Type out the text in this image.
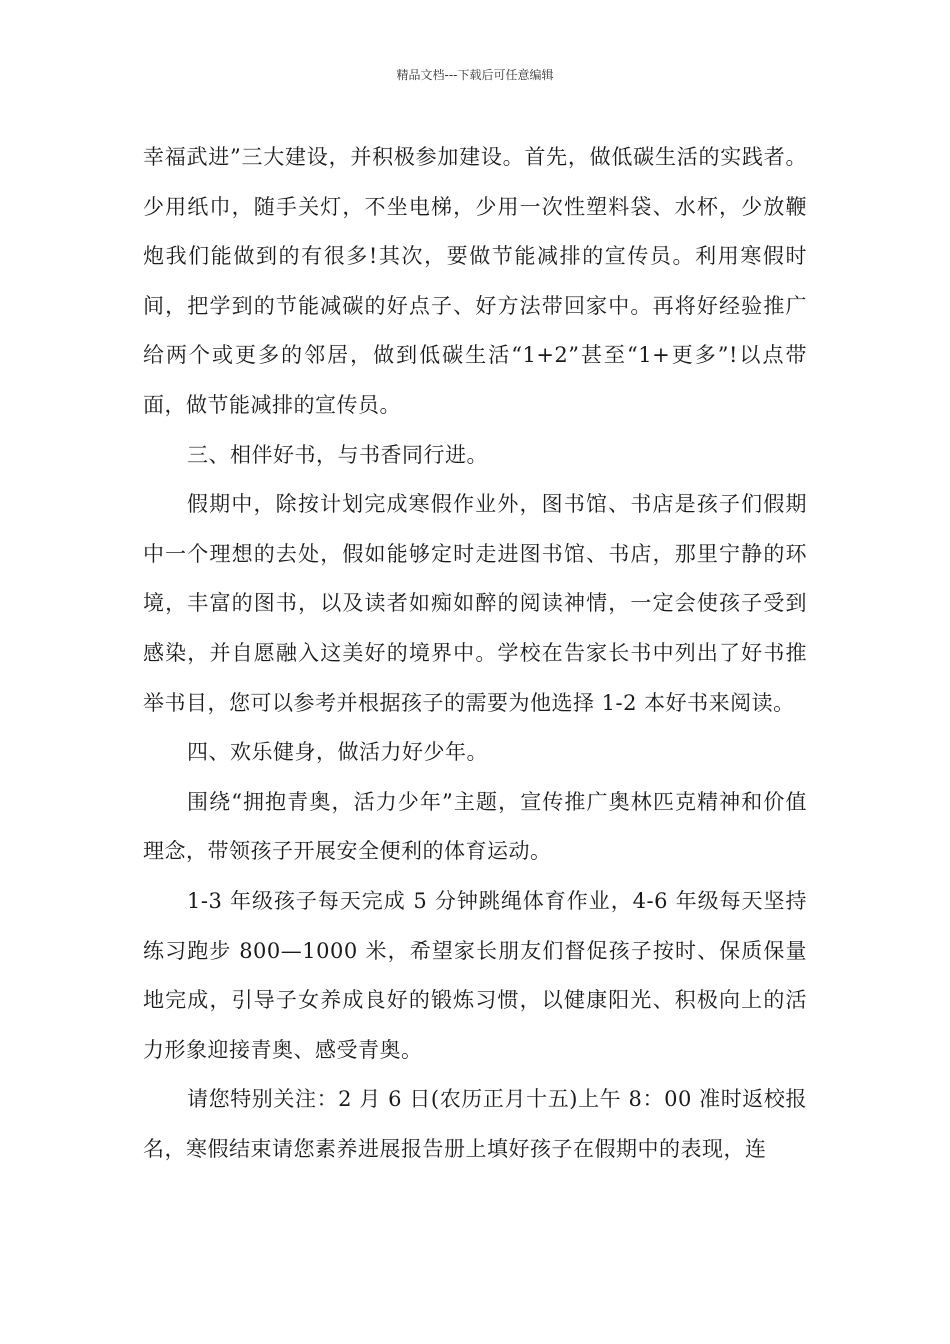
精品文档---下载后可任意编辑

幸福武进”三大建设，并积极参加建设。首先，做低碳生活的实践者。少用纸巾，随手关灯，不坐电梯，少用一次性塑料袋、水杯，少放鞭炮我们能做到的有很多!其次，要做节能减排的宣传员。利用寒假时间，把学到的节能减碳的好点子、好方法带回家中。再将好经验推广给两个或更多的邻居，做到低碳生活“1+2”甚至“1+更多”!以点带面，做节能减排的宣传员。

三、相伴好书，与书香同行进。

假期中，除按计划完成寒假作业外，图书馆、书店是孩子们假期中一个理想的去处，假如能够定时走进图书馆、书店，那里宁静的环境，丰富的图书，以及读者如痴如醉的阅读神情，一定会使孩子受到感染，并自愿融入这美好的境界中。学校在告家长书中列出了好书推举书目，您可以参考并根据孩子的需要为他选择 1-2 本好书来阅读。

四、欢乐健身，做活力好少年。

围绕“拥抱青奥，活力少年”主题，宣传推广奥林匹克精神和价值理念，带领孩子开展安全便利的体育运动。

1-3 年级孩子每天完成 5 分钟跳绳体育作业，4-6 年级每天坚持练习跑步 800—1000 米，希望家长朋友们督促孩子按时、保质保量地完成，引导子女养成良好的锻炼习惯，以健康阳光、积极向上的活力形象迎接青奥、感受青奥。

请您特别关注：2 月 6 日(农历正月十五)上午 8：00 准时返校报名，寒假结束请您素养进展报告册上填好孩子在假期中的表现，连
